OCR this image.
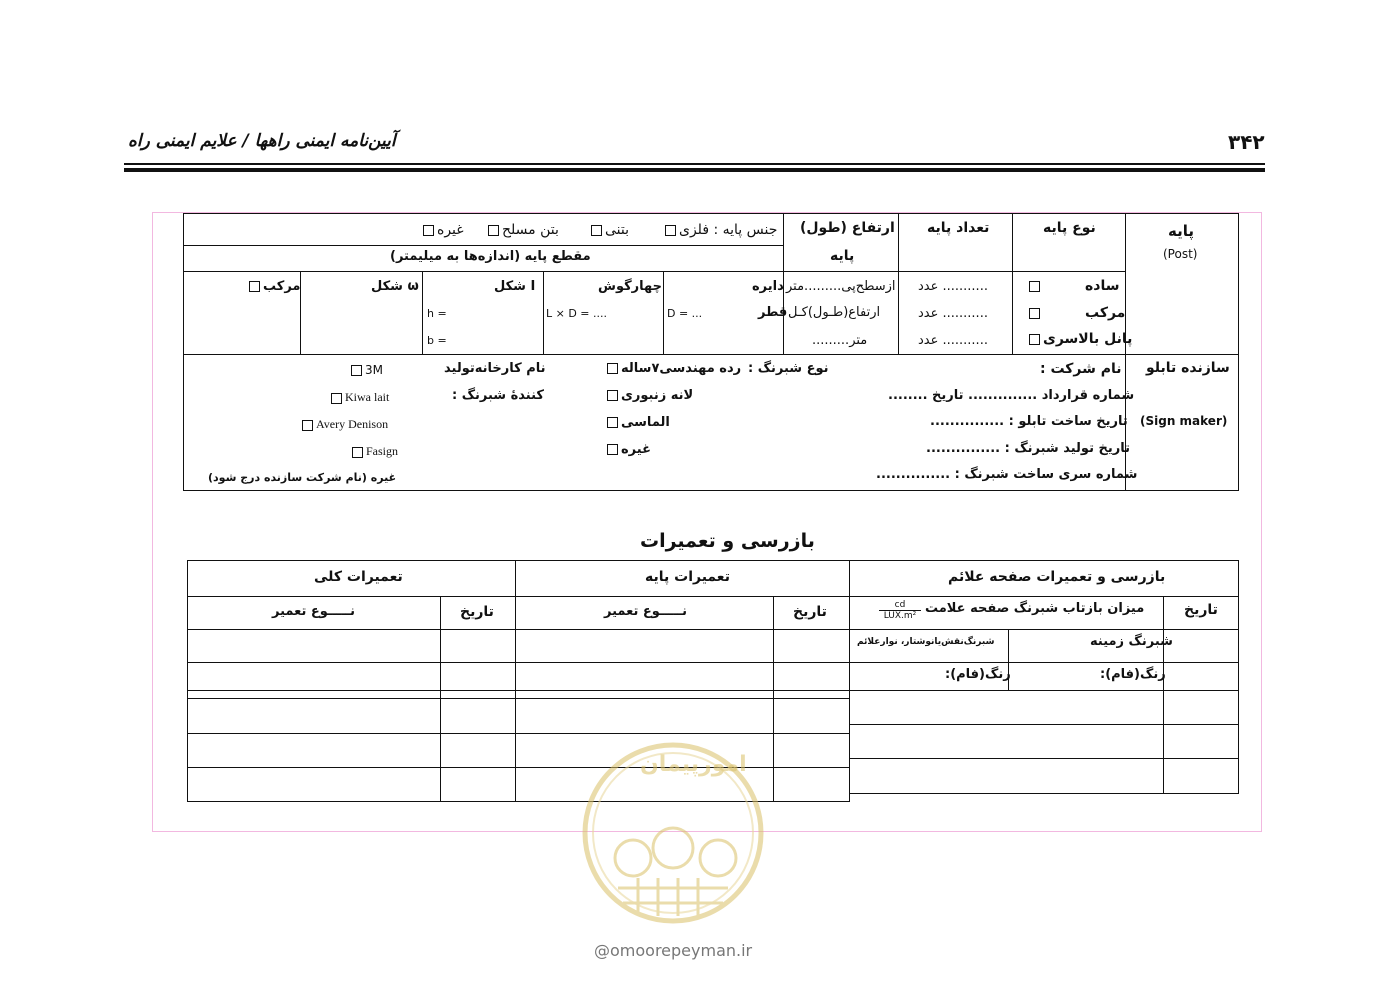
۳۴۲
آیین‌نامه ایمنی راهها / علایم ایمنی راه
پایه
(Post)
نوع پایه
تعداد پایه
ارتفاع (طول)
پایه
جنس پایه : فلزی
بتنی
بتن مسلح
غیره
مقطع پایه (اندازه‌ها به میلیمتر)
ساده
مرکب
پانل بالاسری
........... عدد
........... عدد
........... عدد
ازسطح‌پی.........متر
ارتفاع(طـول)کـل
متر.........
دایره
قطر
D = ...
چهارگوش
L × D = ....
I شکل
h =
b =
ω شکل
مرکب
سازنده تابلو
(Sign maker)
نام شرکت :
شماره قرارداد .............. تاریخ ........
تاریخ ساخت تابلو : ...............
تاریخ تولید شبرنگ : ...............
شماره سری ساخت شبرنگ : ...............
نوع شبرنگ :
رده مهندسی۷ساله
لانه زنبوری
الماسی
غیره
نام کارخانه‌تولید
کنندهٔ شبرنگ :
3M
Kiwa lait
Avery Denison
Fasign
غیره (نام شرکت سازنده درج شود)
بازرسی و تعمیرات
بازرسی و تعمیرات صفحه علائم
تعمیرات پایه
تعمیرات کلی
تاریخ
میزان بازتاب شبرنگ صفحه علامت
cd
LUX.m²
تاریخ
نـــــوع تعمیر
تاریخ
نـــــوع تعمیر
شبرنگ زمینه
شبرنگ‌نقش‌یانوشتار، نوارعلائم
رنگ(فام):
رنگ(فام):
امورپیمان
@omoorepeyman.ir
